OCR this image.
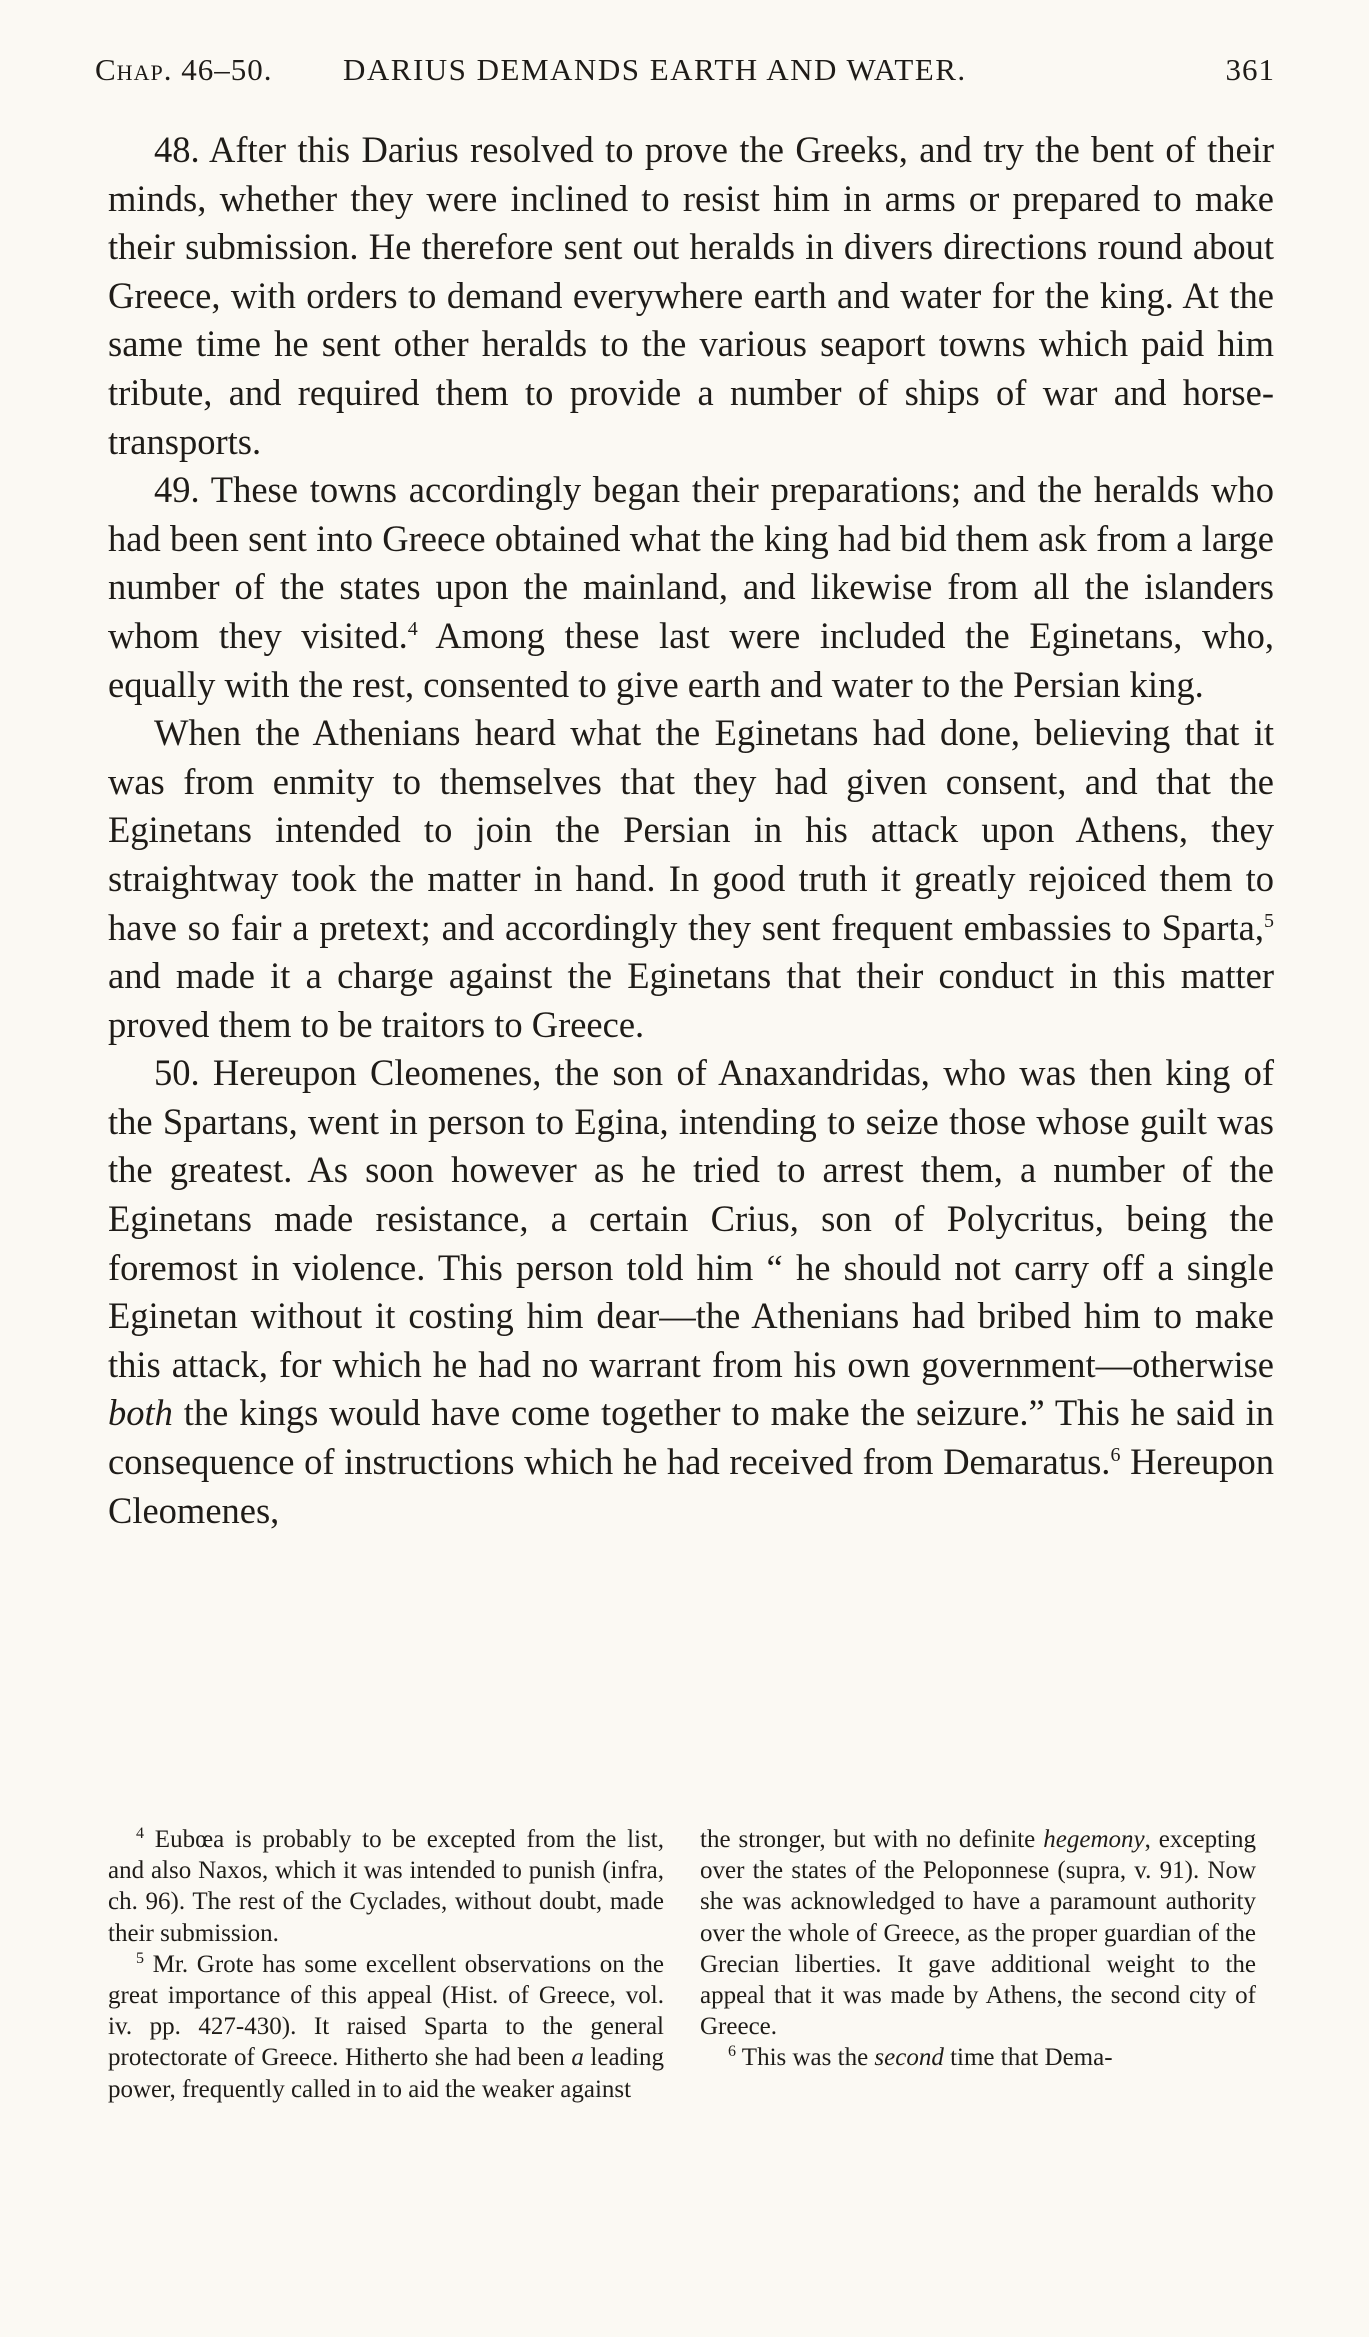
Chap. 46–50. DARIUS DEMANDS EARTH AND WATER.	361

48. After this Darius resolved to prove the Greeks, and try the bent of their minds, whether they were inclined to resist him in arms or prepared to make their submission. He therefore sent out heralds in divers directions round about Greece, with orders to demand everywhere earth and water for the king. At the same time he sent other heralds to the various seaport towns which paid him tribute, and required them to provide a number of ships of war and horse-transports.

49. These towns accordingly began their preparations; and the heralds who had been sent into Greece obtained what the king had bid them ask from a large number of the states upon the mainland, and likewise from all the islanders whom they visited.$^4$ Among these last were included the Eginetans, who, equally with the rest, consented to give earth and water to the Persian king.

When the Athenians heard what the Eginetans had done, believing that it was from enmity to themselves that they had given consent, and that the Eginetans intended to join the Persian in his attack upon Athens, they straightway took the matter in hand. In good truth it greatly rejoiced them to have so fair a pretext; and accordingly they sent frequent embassies to Sparta,$^5$ and made it a charge against the Eginetans that their conduct in this matter proved them to be traitors to Greece.

50. Hereupon Cleomenes, the son of Anaxandridas, who was then king of the Spartans, went in person to Egina, intending to seize those whose guilt was the greatest. As soon however as he tried to arrest them, a number of the Eginetans made resistance, a certain Crius, son of Polycritus, being the foremost in violence. This person told him “ he should not carry off a single Eginetan without it costing him dear—the Athenians had bribed him to make this attack, for which he had no warrant from his own government—otherwise both the kings would have come together to make the seizure.” This he said in consequence of instructions which he had received from Demaratus.$^6$ Hereupon Cleomenes,

$^4$ Eubœa is probably to be excepted from the list, and also Naxos, which it was intended to punish (infra, ch. 96). The rest of the Cyclades, without doubt, made their submission.

$^5$ Mr. Grote has some excellent observations on the great importance of this appeal (Hist. of Greece, vol. iv. pp. 427-430). It raised Sparta to the general protectorate of Greece. Hitherto she had been a leading power, frequently called in to aid the weaker against

the stronger, but with no definite hegemony, excepting over the states of the Peloponnese (supra, v. 91). Now she was acknowledged to have a paramount authority over the whole of Greece, as the proper guardian of the Grecian liberties. It gave additional weight to the appeal that it was made by Athens, the second city of Greece.

$^6$ This was the second time that Dema-
